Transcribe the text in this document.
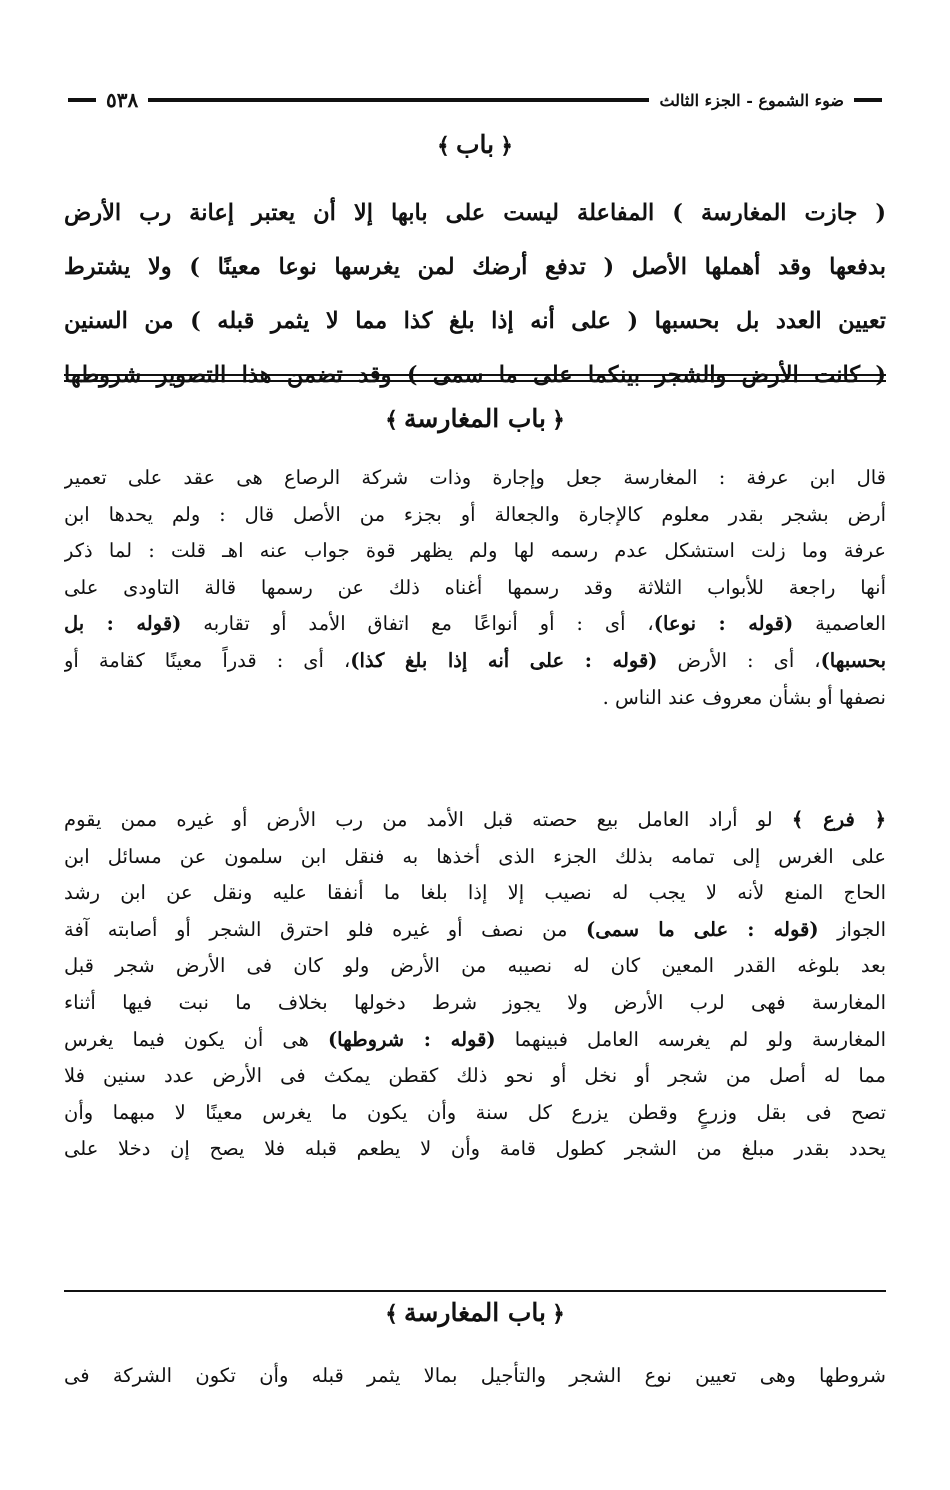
ضوء الشموع - الجزء الثالث
٥٣٨
﴿باب﴾

( جازت المغارسة ) المفاعلة ليست على بابها إلا أن يعتبر إعانة رب الأرض

بدفعها وقد أهملها الأصل ( تدفع أرضك لمن يغرسها نوعا معينًا ) ولا يشترط

تعيين العدد بل بحسبها ( على أنه إذا بلغ كذا مما لا يثمر قبله ) من السنين

( كانت الأرض والشجر بينكما على ما سمى ) وقد تضمن هذا التصوير شروطها

﴿باب المغارسة﴾

قال ابن عرفة : المغارسة جعل وإجارة وذات شركة الرصاع هى عقد على تعمير

أرض بشجر بقدر معلوم كالإجارة والجعالة أو بجزء من الأصل قال : ولم يحدها ابن

عرفة وما زلت استشكل عدم رسمه لها ولم يظهر قوة جواب عنه اهـ قلت : لما ذكر

أنها راجعة للأبواب الثلاثة وقد رسمها أغناه ذلك عن رسمها قالة التاودى على

العاصمية (قوله : نوعا)، أى : أو أنواعًا مع اتفاق الأمد أو تقاربه (قوله : بل

بحسبها)، أى : الأرض (قوله : على أنه إذا بلغ كذا)، أى : قدراً معينًا كقامة أو

نصفها أو بشأن معروف عند الناس .

﴿ فرع ﴾ لو أراد العامل بيع حصته قبل الأمد من رب الأرض أو غيره ممن يقوم

على الغرس إلى تمامه بذلك الجزء الذى أخذها به فنقل ابن سلمون عن مسائل ابن

الحاج المنع لأنه لا يجب له نصيب إلا إذا بلغا ما أنفقا عليه ونقل عن ابن رشد

الجواز (قوله : على ما سمى) من نصف أو غيره فلو احترق الشجر أو أصابته آفة

بعد بلوغه القدر المعين كان له نصيبه من الأرض ولو كان فى الأرض شجر قبل

المغارسة فهى لرب الأرض ولا يجوز شرط دخولها بخلاف ما نبت فيها أثناء

المغارسة ولو لم يغرسه العامل فبينهما (قوله : شروطها) هى أن يكون فيما يغرس

مما له أصل من شجر أو نخل أو نحو ذلك كقطن يمكث فى الأرض عدد سنين فلا

تصح فى بقل وزرعٍ وقطن يزرع كل سنة وأن يكون ما يغرس معينًا لا مبهما وأن

يحدد بقدر مبلغ من الشجر كطول قامة وأن لا يطعم قبله فلا يصح إن دخلا على

﴿باب المغارسة﴾

شروطها وهى تعيين نوع الشجر والتأجيل بمالا يثمر قبله وأن تكون الشركة فى
